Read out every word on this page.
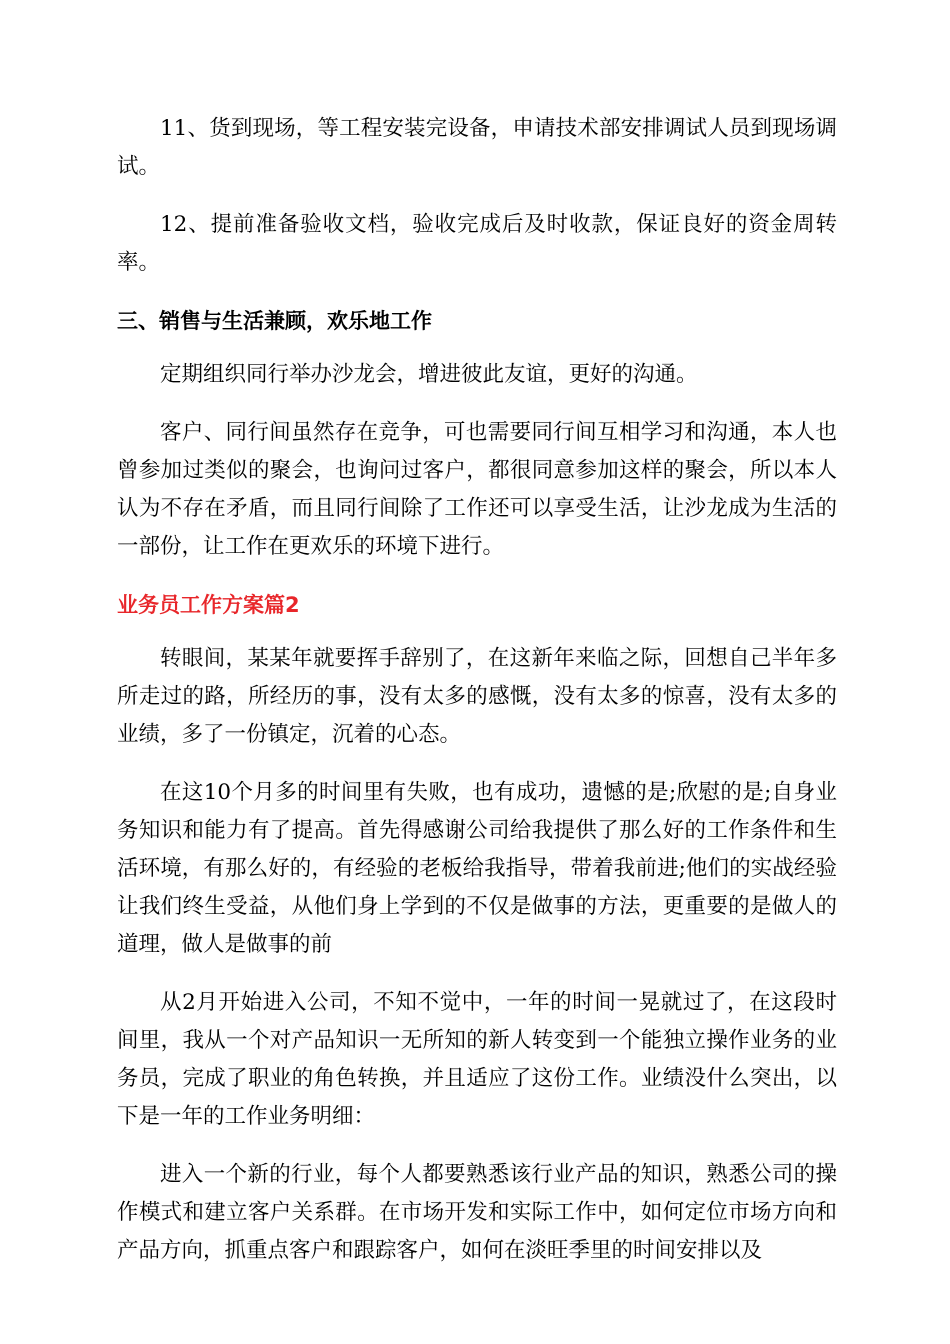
11、货到现场，等工程安装完设备，申请技术部安排调试人员到现场调试。

12、提前准备验收文档，验收完成后及时收款，保证良好的资金周转率。

三、销售与生活兼顾，欢乐地工作

定期组织同行举办沙龙会，增进彼此友谊，更好的沟通。

客户、同行间虽然存在竞争，可也需要同行间互相学习和沟通，本人也曾参加过类似的聚会，也询问过客户，都很同意参加这样的聚会，所以本人认为不存在矛盾，而且同行间除了工作还可以享受生活，让沙龙成为生活的一部份，让工作在更欢乐的环境下进行。

业务员工作方案篇2

转眼间，某某年就要挥手辞别了，在这新年来临之际，回想自己半年多所走过的路，所经历的事，没有太多的感慨，没有太多的惊喜，没有太多的业绩，多了一份镇定，沉着的心态。

在这10个月多的时间里有失败，也有成功，遗憾的是;欣慰的是;自身业务知识和能力有了提高。首先得感谢公司给我提供了那么好的工作条件和生活环境，有那么好的，有经验的老板给我指导，带着我前进;他们的实战经验让我们终生受益，从他们身上学到的不仅是做事的方法，更重要的是做人的道理，做人是做事的前

从2月开始进入公司，不知不觉中，一年的时间一晃就过了，在这段时间里，我从一个对产品知识一无所知的新人转变到一个能独立操作业务的业务员，完成了职业的角色转换，并且适应了这份工作。业绩没什么突出，以下是一年的工作业务明细：

进入一个新的行业，每个人都要熟悉该行业产品的知识，熟悉公司的操作模式和建立客户关系群。在市场开发和实际工作中，如何定位市场方向和产品方向，抓重点客户和跟踪客户，如何在淡旺季里的时间安排以及
